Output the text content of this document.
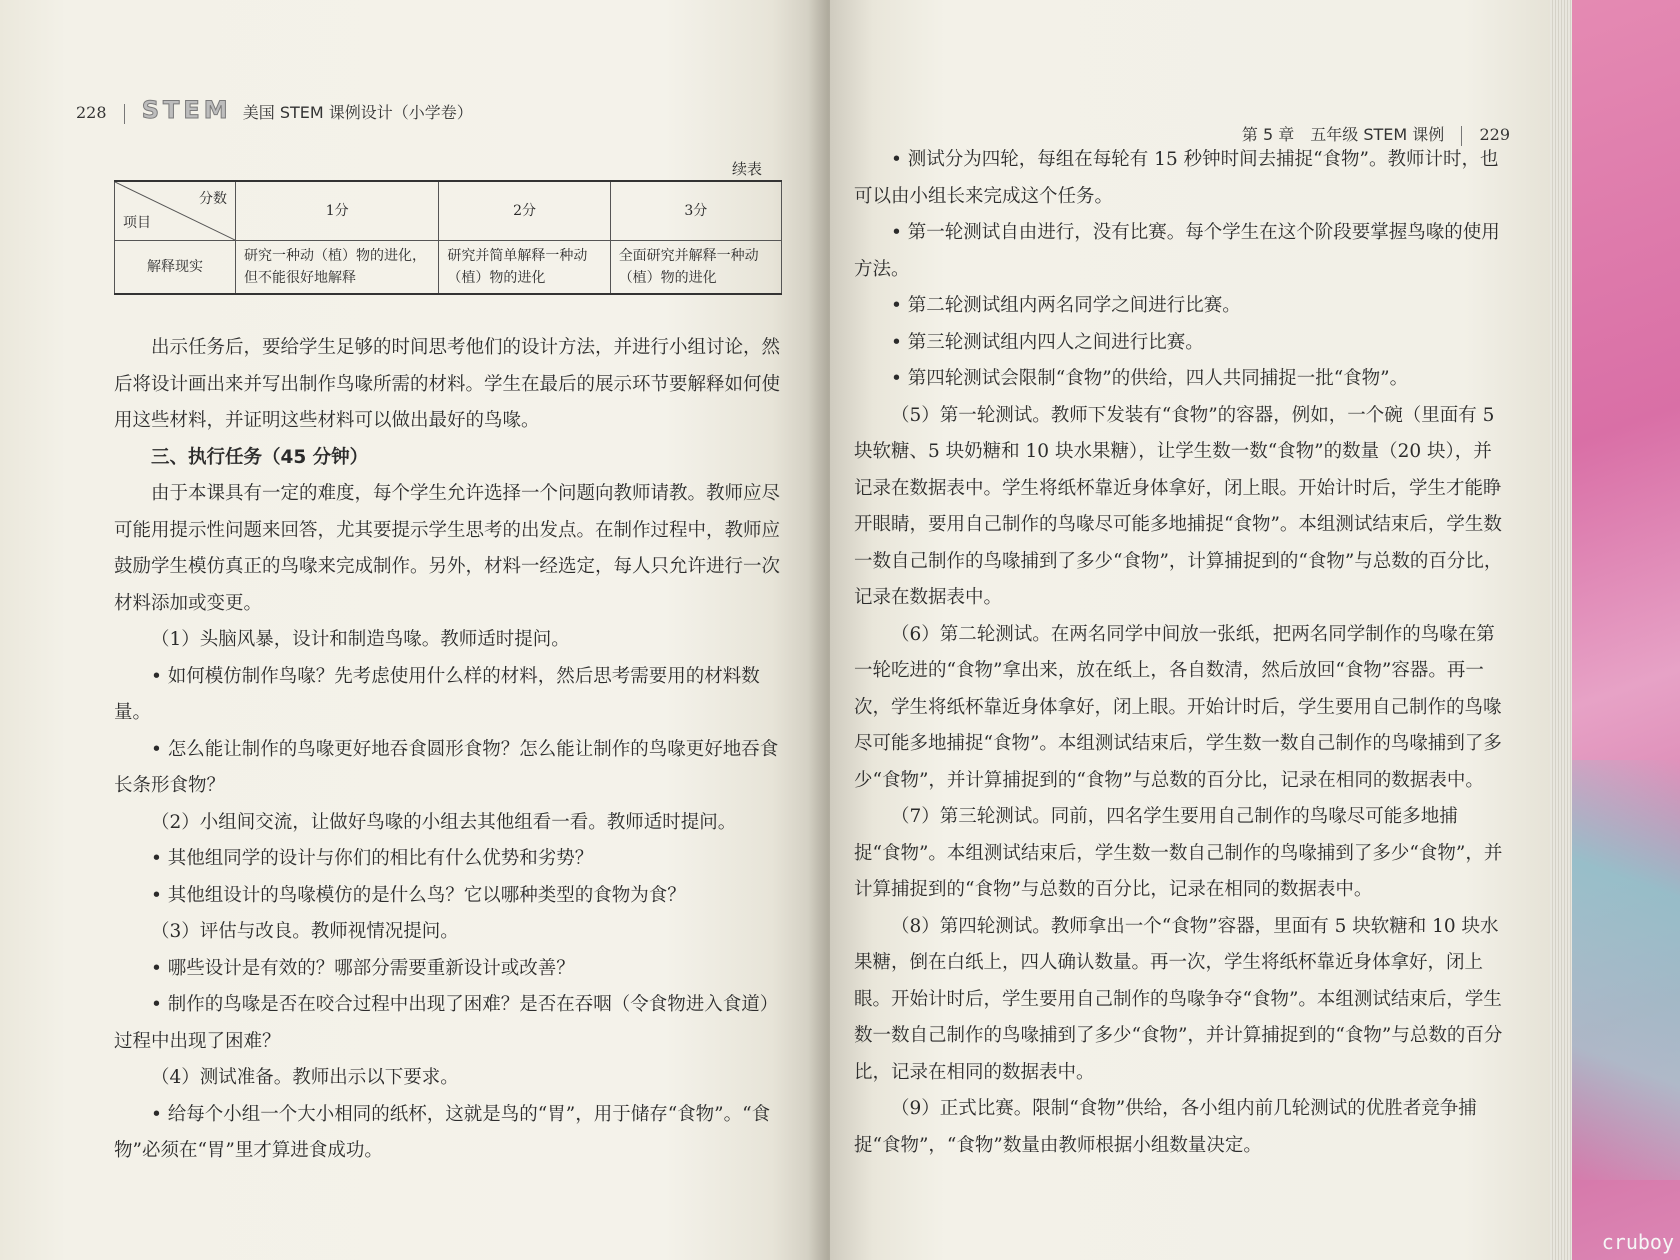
228 STEM 美国 STEM 课例设计（小学卷）
续表
分数
项目	1分	2分	3分
解释现实	研究一种动（植）物的进化，但不能很好地解释	研究并简单解释一种动（植）物的进化	全面研究并解释一种动（植）物的进化

出示任务后，要给学生足够的时间思考他们的设计方法，并进行小组讨论，然后将设计画出来并写出制作鸟喙所需的材料。学生在最后的展示环节要解释如何使用这些材料，并证明这些材料可以做出最好的鸟喙。

三、执行任务（45 分钟）

由于本课具有一定的难度，每个学生允许选择一个问题向教师请教。教师应尽可能用提示性问题来回答，尤其要提示学生思考的出发点。在制作过程中，教师应鼓励学生模仿真正的鸟喙来完成制作。另外，材料一经选定，每人只允许进行一次材料添加或变更。

（1）头脑风暴，设计和制造鸟喙。教师适时提问。

• 如何模仿制作鸟喙？先考虑使用什么样的材料，然后思考需要用的材料数量。

• 怎么能让制作的鸟喙更好地吞食圆形食物？怎么能让制作的鸟喙更好地吞食长条形食物？

（2）小组间交流，让做好鸟喙的小组去其他组看一看。教师适时提问。

• 其他组同学的设计与你们的相比有什么优势和劣势？

• 其他组设计的鸟喙模仿的是什么鸟？它以哪种类型的食物为食？

（3）评估与改良。教师视情况提问。

• 哪些设计是有效的？哪部分需要重新设计或改善？

• 制作的鸟喙是否在咬合过程中出现了困难？是否在吞咽（令食物进入食道）过程中出现了困难？

（4）测试准备。教师出示以下要求。

• 给每个小组一个大小相同的纸杯，这就是鸟的“胃”，用于储存“食物”。“食物”必须在“胃”里才算进食成功。

第 5 章　五年级 STEM 课例 229

• 测试分为四轮，每组在每轮有 15 秒钟时间去捕捉“食物”。教师计时，也可以由小组长来完成这个任务。

• 第一轮测试自由进行，没有比赛。每个学生在这个阶段要掌握鸟喙的使用方法。

• 第二轮测试组内两名同学之间进行比赛。

• 第三轮测试组内四人之间进行比赛。

• 第四轮测试会限制“食物”的供给，四人共同捕捉一批“食物”。

（5）第一轮测试。教师下发装有“食物”的容器，例如，一个碗（里面有 5 块软糖、5 块奶糖和 10 块水果糖），让学生数一数“食物”的数量（20 块），并记录在数据表中。学生将纸杯靠近身体拿好，闭上眼。开始计时后，学生才能睁开眼睛，要用自己制作的鸟喙尽可能多地捕捉“食物”。本组测试结束后，学生数一数自己制作的鸟喙捕到了多少“食物”，计算捕捉到的“食物”与总数的百分比，记录在数据表中。

（6）第二轮测试。在两名同学中间放一张纸，把两名同学制作的鸟喙在第一轮吃进的“食物”拿出来，放在纸上，各自数清，然后放回“食物”容器。再一次，学生将纸杯靠近身体拿好，闭上眼。开始计时后，学生要用自己制作的鸟喙尽可能多地捕捉“食物”。本组测试结束后，学生数一数自己制作的鸟喙捕到了多少“食物”，并计算捕捉到的“食物”与总数的百分比，记录在相同的数据表中。

（7）第三轮测试。同前，四名学生要用自己制作的鸟喙尽可能多地捕捉“食物”。本组测试结束后，学生数一数自己制作的鸟喙捕到了多少“食物”，并计算捕捉到的“食物”与总数的百分比，记录在相同的数据表中。

（8）第四轮测试。教师拿出一个“食物”容器，里面有 5 块软糖和 10 块水果糖，倒在白纸上，四人确认数量。再一次，学生将纸杯靠近身体拿好，闭上眼。开始计时后，学生要用自己制作的鸟喙争夺“食物”。本组测试结束后，学生数一数自己制作的鸟喙捕到了多少“食物”，并计算捕捉到的“食物”与总数的百分比，记录在相同的数据表中。

（9）正式比赛。限制“食物”供给，各小组内前几轮测试的优胜者竞争捕捉“食物”，“食物”数量由教师根据小组数量决定。

cruboy
